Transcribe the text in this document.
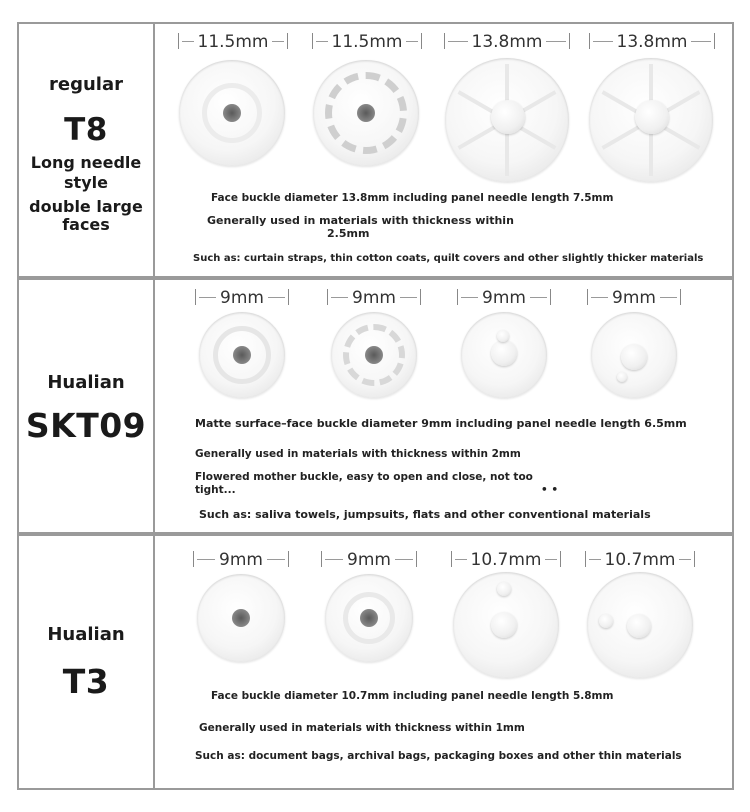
regular
T8
Long needle
style
double large
faces
11.5mm	11.5mm	13.8mm	13.8mm
Face buckle diameter 13.8mm including panel needle length 7.5mm
Generally used in materials with thickness within
2.5mm
Such as: curtain straps, thin cotton coats, quilt covers and other slightly thicker materials
Hualian
SKT09
9mm	9mm	9mm	9mm
Matte surface–face buckle diameter 9mm including panel needle length 6.5mm
Generally used in materials with thickness within 2mm
Flowered mother buckle, easy to open and close, not too
tight...	• •
Such as: saliva towels, jumpsuits, flats and other conventional materials
Hualian
T3
9mm	9mm	10.7mm	10.7mm
Face buckle diameter 10.7mm including panel needle length 5.8mm
Generally used in materials with thickness within 1mm
Such as: document bags, archival bags, packaging boxes and other thin materials
